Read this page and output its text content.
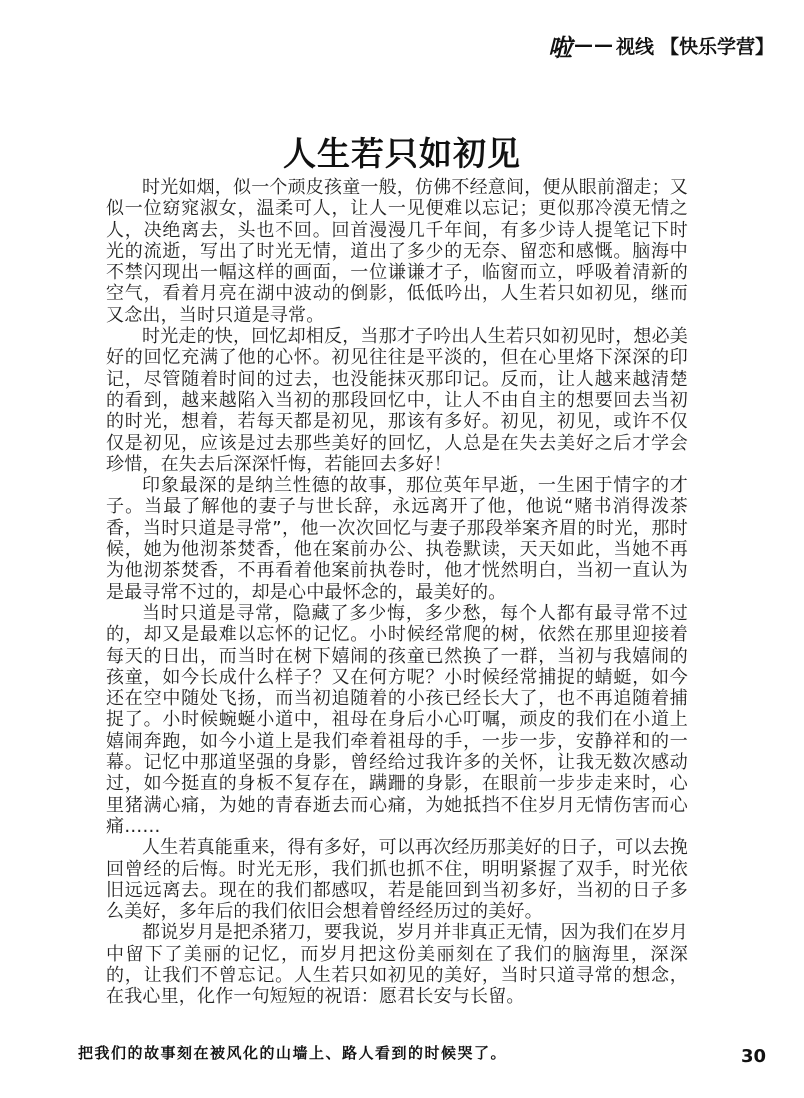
啦 —— 视线 【快乐学营】
人生若只如初见

时光如烟，似一个顽皮孩童一般，仿佛不经意间，便从眼前溜走；又似一位窈窕淑女，温柔可人，让人一见便难以忘记；更似那冷漠无情之人，决绝离去，头也不回。回首漫漫几千年间，有多少诗人提笔记下时光的流逝，写出了时光无情，道出了多少的无奈、留恋和感慨。脑海中不禁闪现出一幅这样的画面，一位谦谦才子，临窗而立，呼吸着清新的空气，看着月亮在湖中波动的倒影，低低吟出，人生若只如初见，继而又念出，当时只道是寻常。

时光走的快，回忆却相反，当那才子吟出人生若只如初见时，想必美好的回忆充满了他的心怀。初见往往是平淡的，但在心里烙下深深的印记，尽管随着时间的过去，也没能抹灭那印记。反而，让人越来越清楚的看到，越来越陷入当初的那段回忆中，让人不由自主的想要回去当初的时光，想着，若每天都是初见，那该有多好。初见，初见，或许不仅仅是初见，应该是过去那些美好的回忆，人总是在失去美好之后才学会珍惜，在失去后深深忏悔，若能回去多好！

印象最深的是纳兰性德的故事，那位英年早逝，一生困于情字的才子。当最了解他的妻子与世长辞，永远离开了他，他说“赌书消得泼茶香，当时只道是寻常”，他一次次回忆与妻子那段举案齐眉的时光，那时候，她为他沏茶焚香，他在案前办公、执卷默读，天天如此，当她不再为他沏茶焚香，不再看着他案前执卷时，他才恍然明白，当初一直认为是最寻常不过的，却是心中最怀念的，最美好的。

当时只道是寻常，隐藏了多少悔，多少愁，每个人都有最寻常不过的，却又是最难以忘怀的记忆。小时候经常爬的树，依然在那里迎接着每天的日出，而当时在树下嬉闹的孩童已然换了一群，当初与我嬉闹的孩童，如今长成什么样子？又在何方呢？小时候经常捕捉的蜻蜓，如今还在空中随处飞扬，而当初追随着的小孩已经长大了，也不再追随着捕捉了。小时候蜿蜒小道中，祖母在身后小心叮嘱，顽皮的我们在小道上嬉闹奔跑，如今小道上是我们牵着祖母的手，一步一步，安静祥和的一幕。记忆中那道坚强的身影，曾经给过我许多的关怀，让我无数次感动过，如今挺直的身板不复存在，蹒跚的身影，在眼前一步步走来时，心里猪满心痛，为她的青春逝去而心痛，为她抵挡不住岁月无情伤害而心痛……

人生若真能重来，得有多好，可以再次经历那美好的日子，可以去挽回曾经的后悔。时光无形，我们抓也抓不住，明明紧握了双手，时光依旧远远离去。现在的我们都感叹，若是能回到当初多好，当初的日子多么美好，多年后的我们依旧会想着曾经经历过的美好。

都说岁月是把杀猪刀，要我说，岁月并非真正无情，因为我们在岁月中留下了美丽的记忆，而岁月把这份美丽刻在了我们的脑海里，深深的，让我们不曾忘记。人生若只如初见的美好，当时只道寻常的想念，在我心里，化作一句短短的祝语：愿君长安与长留。

把我们的故事刻在被风化的山墙上、路人看到的时候哭了。	30
